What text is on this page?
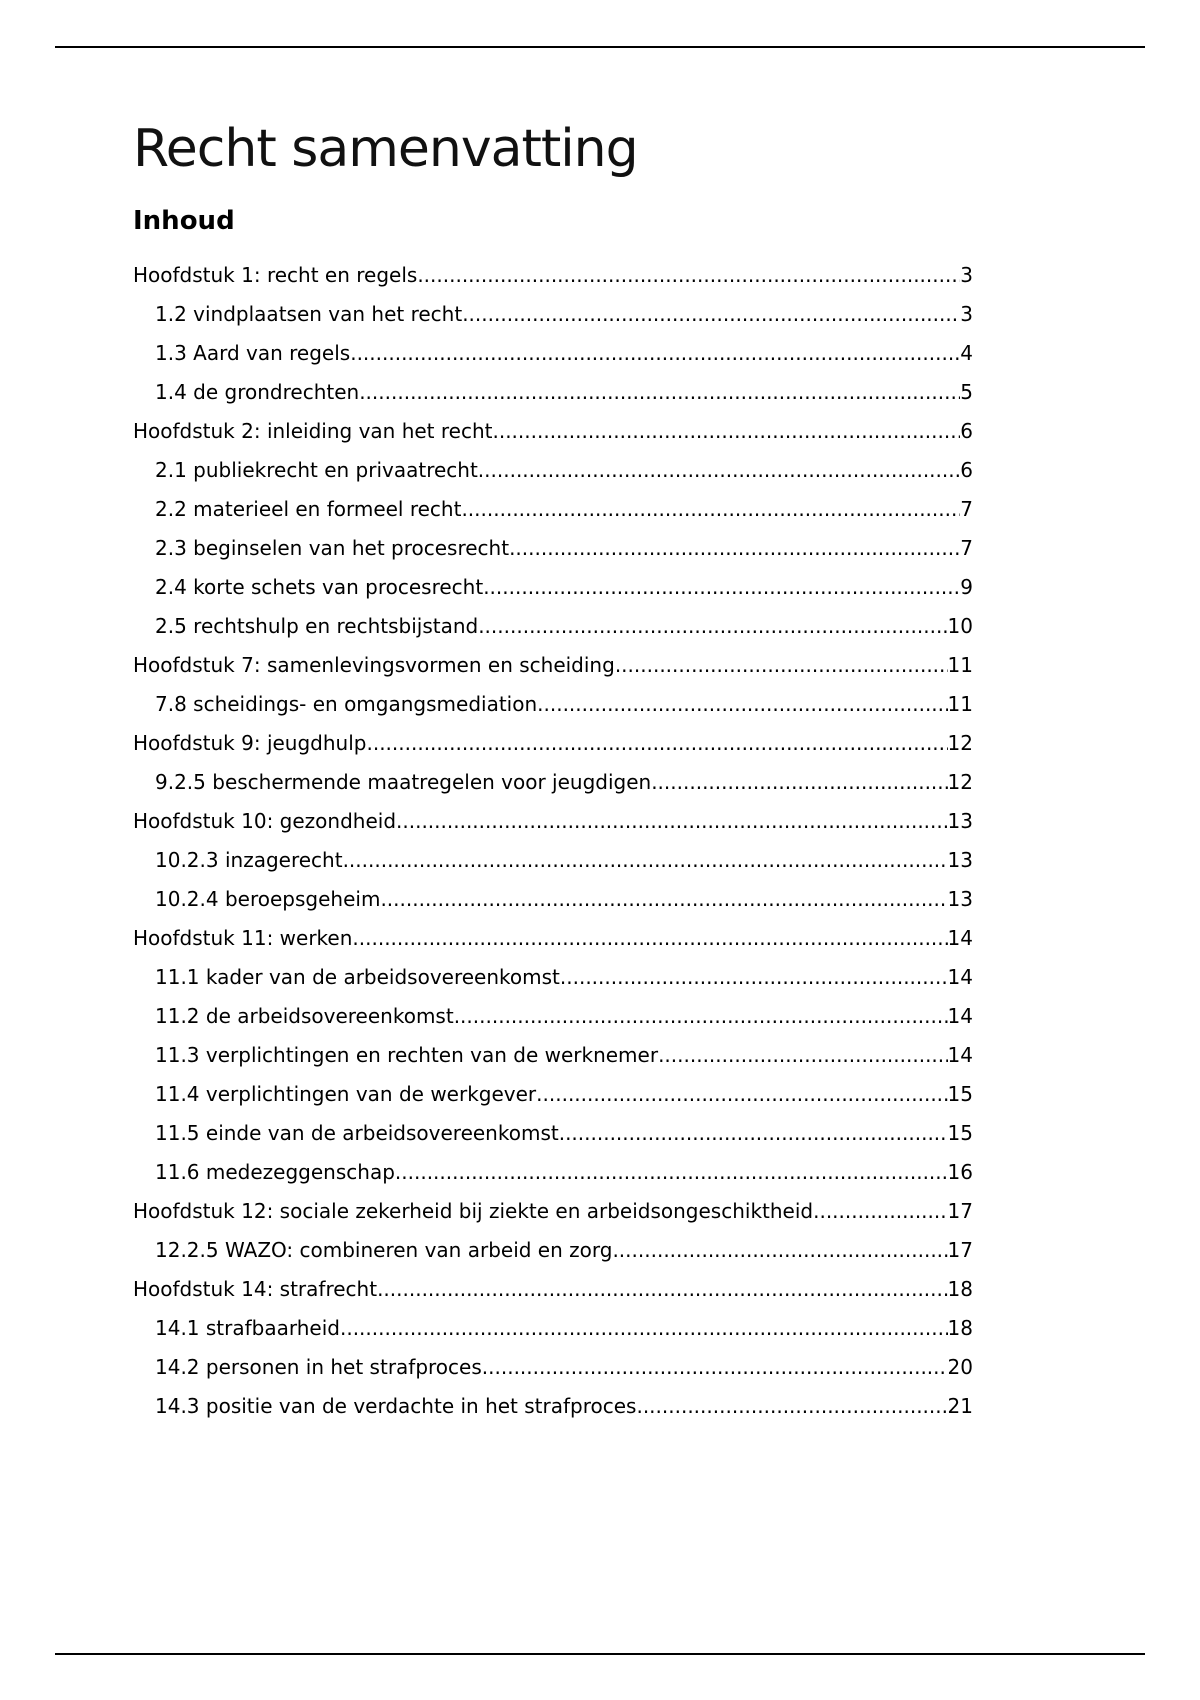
Recht samenvatting
Inhoud
Hoofdstuk 1: recht en regels .....	3
1.2 vindplaatsen van het recht .....	3
1.3 Aard van regels .....	4
1.4 de grondrechten .....	5
Hoofdstuk 2: inleiding van het recht .....	6
2.1 publiekrecht en privaatrecht .....	6
2.2 materieel en formeel recht .....	7
2.3 beginselen van het procesrecht .....	7
2.4 korte schets van procesrecht .....	9
2.5 rechtshulp en rechtsbijstand .....	10
Hoofdstuk 7: samenlevingsvormen en scheiding .....	11
7.8 scheidings- en omgangsmediation .....	11
Hoofdstuk 9: jeugdhulp .....	12
9.2.5 beschermende maatregelen voor jeugdigen .....	12
Hoofdstuk 10: gezondheid .....	13
10.2.3 inzagerecht .....	13
10.2.4 beroepsgeheim .....	13
Hoofdstuk 11: werken .....	14
11.1 kader van de arbeidsovereenkomst .....	14
11.2 de arbeidsovereenkomst .....	14
11.3 verplichtingen en rechten van de werknemer .....	14
11.4 verplichtingen van de werkgever .....	15
11.5 einde van de arbeidsovereenkomst .....	15
11.6 medezeggenschap .....	16
Hoofdstuk 12: sociale zekerheid bij ziekte en arbeidsongeschiktheid .....	17
12.2.5 WAZO: combineren van arbeid en zorg .....	17
Hoofdstuk 14: strafrecht .....	18
14.1 strafbaarheid .....	18
14.2 personen in het strafproces .....	20
14.3 positie van de verdachte in het strafproces .....	21
